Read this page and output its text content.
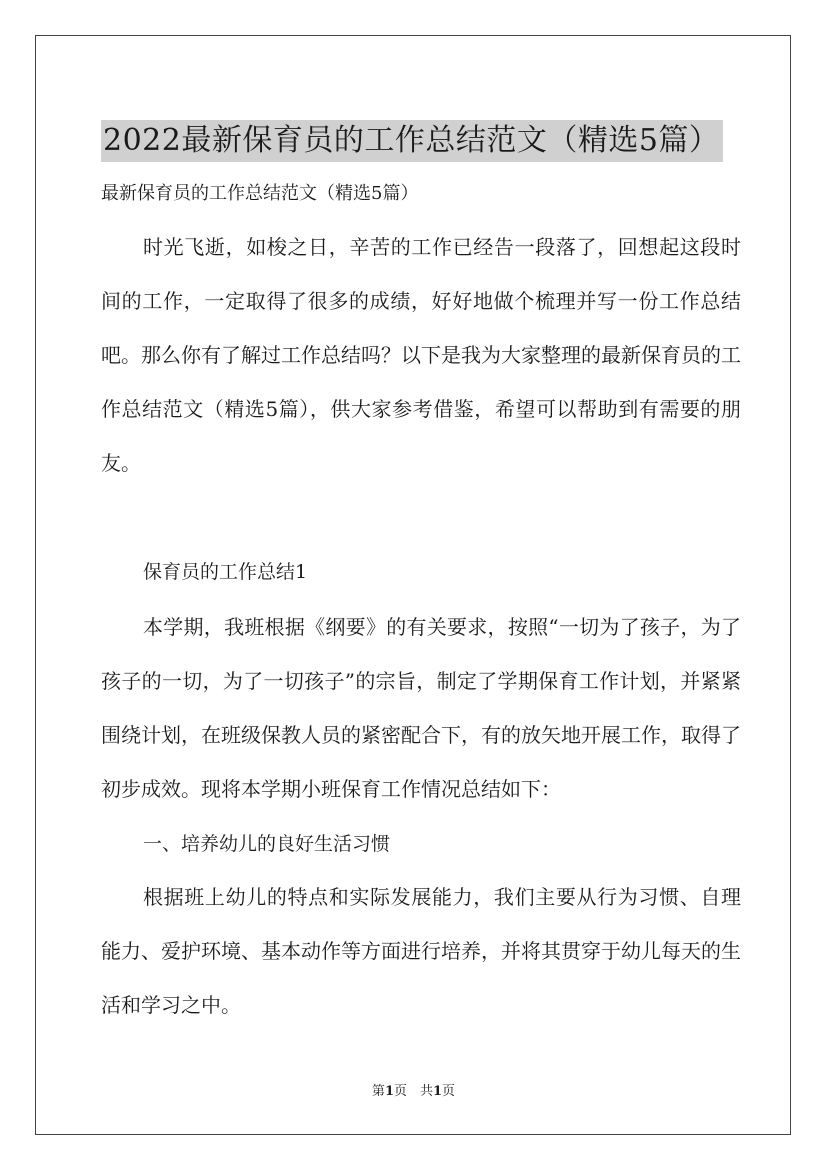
2022最新保育员的工作总结范文（精选5篇）
最新保育员的工作总结范文（精选5篇）

时光飞逝，如梭之日，辛苦的工作已经告一段落了，回想起这段时间的工作，一定取得了很多的成绩，好好地做个梳理并写一份工作总结吧。那么你有了解过工作总结吗？以下是我为大家整理的最新保育员的工作总结范文（精选5篇），供大家参考借鉴，希望可以帮助到有需要的朋友。

保育员的工作总结1

本学期，我班根据《纲要》的有关要求，按照“一切为了孩子，为了孩子的一切，为了一切孩子”的宗旨，制定了学期保育工作计划，并紧紧围绕计划，在班级保教人员的紧密配合下，有的放矢地开展工作，取得了初步成效。现将本学期小班保育工作情况总结如下：

一、培养幼儿的良好生活习惯

根据班上幼儿的特点和实际发展能力，我们主要从行为习惯、自理能力、爱护环境、基本动作等方面进行培养，并将其贯穿于幼儿每天的生活和学习之中。

第1页　共1页
